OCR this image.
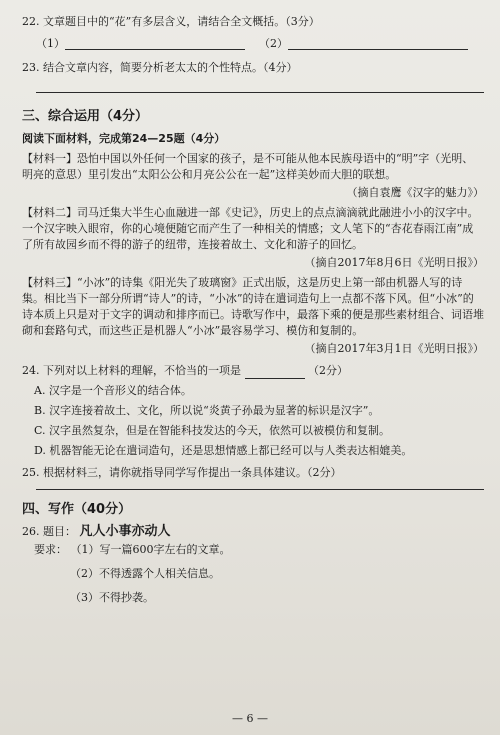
22. 文章题目中的“花”有多层含义，请结合全文概括。（3分）
（1）	（2）
23. 结合文章内容，简要分析老太太的个性特点。（4分）
三、综合运用（4分）
阅读下面材料，完成第24—25题（4分）
【材料一】恐怕中国以外任何一个国家的孩子，是不可能从他本民族母语中的“明”字（光明、明亮的意思）里引发出“太阳公公和月亮公公在一起”这样美妙而大胆的联想。
（摘自袁鹰《汉字的魅力》）
【材料二】司马迁集大半生心血融进一部《史记》，历史上的点点滴滴就此融进小小的汉字中。一个汉字映入眼帘，你的心境便随它而产生了一种相关的情感；文人笔下的“杏花春雨江南”成了所有故园乡而不得的游子的纽带，连接着故土、文化和游子的回忆。
（摘自2017年8月6日《光明日报》）
【材料三】“小冰”的诗集《阳光失了玻璃窗》正式出版，这是历史上第一部由机器人写的诗集。相比当下一部分所谓“诗人”的诗，“小冰”的诗在遣词造句上一点都不落下风。但“小冰”的诗本质上只是对于文字的调动和排序而已。诗歌写作中，最落下乘的便是那些素材组合、词语堆砌和套路句式，而这些正是机器人“小冰”最容易学习、模仿和复制的。
（摘自2017年3月1日《光明日报》）
24. 下列对以上材料的理解，不恰当的一项是	（2分）
A. 汉字是一个音形义的结合体。
B. 汉字连接着故土、文化，所以说“炎黄子孙最为显著的标识是汉字”。
C. 汉字虽然复杂，但是在智能科技发达的今天，依然可以被模仿和复制。
D. 机器智能无论在遣词造句，还是思想情感上都已经可以与人类表达相媲美。
25. 根据材料三，请你就指导同学写作提出一条具体建议。（2分）
四、写作（40分）
26. 题目： 凡人小事亦动人
要求： （1）写一篇600字左右的文章。
（2）不得透露个人相关信息。
（3）不得抄袭。
— 6 —
